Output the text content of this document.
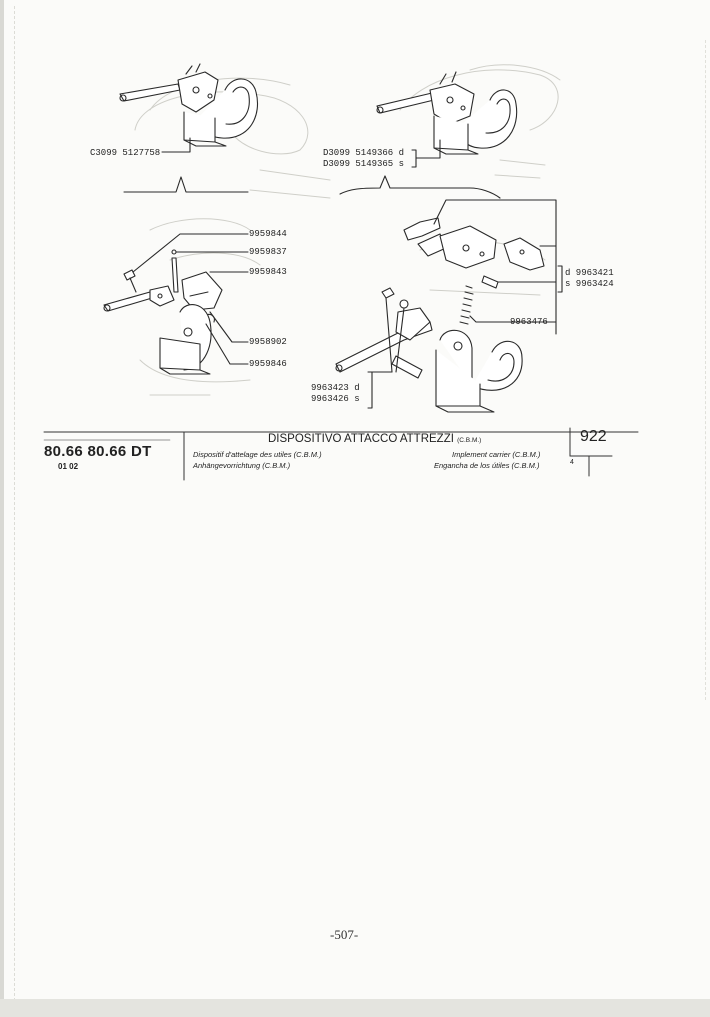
C3099 5127758	D3099 5149366 d
D3099 5149365 s
9959844
9959837
9959843
9958902
9959846
d 9963421
s 9963424
9963476
9963423 d
9963426 s
80.66 80.66 DT
01 02
DISPOSITIVO ATTACCO ATTREZZI (C.B.M.)
Dispositif d'attelage des utiles (C.B.M.)
Anhängevorrichtung (C.B.M.)
Implement carrier (C.B.M.)
Engancha de los útiles (C.B.M.)
922
4
-507-
